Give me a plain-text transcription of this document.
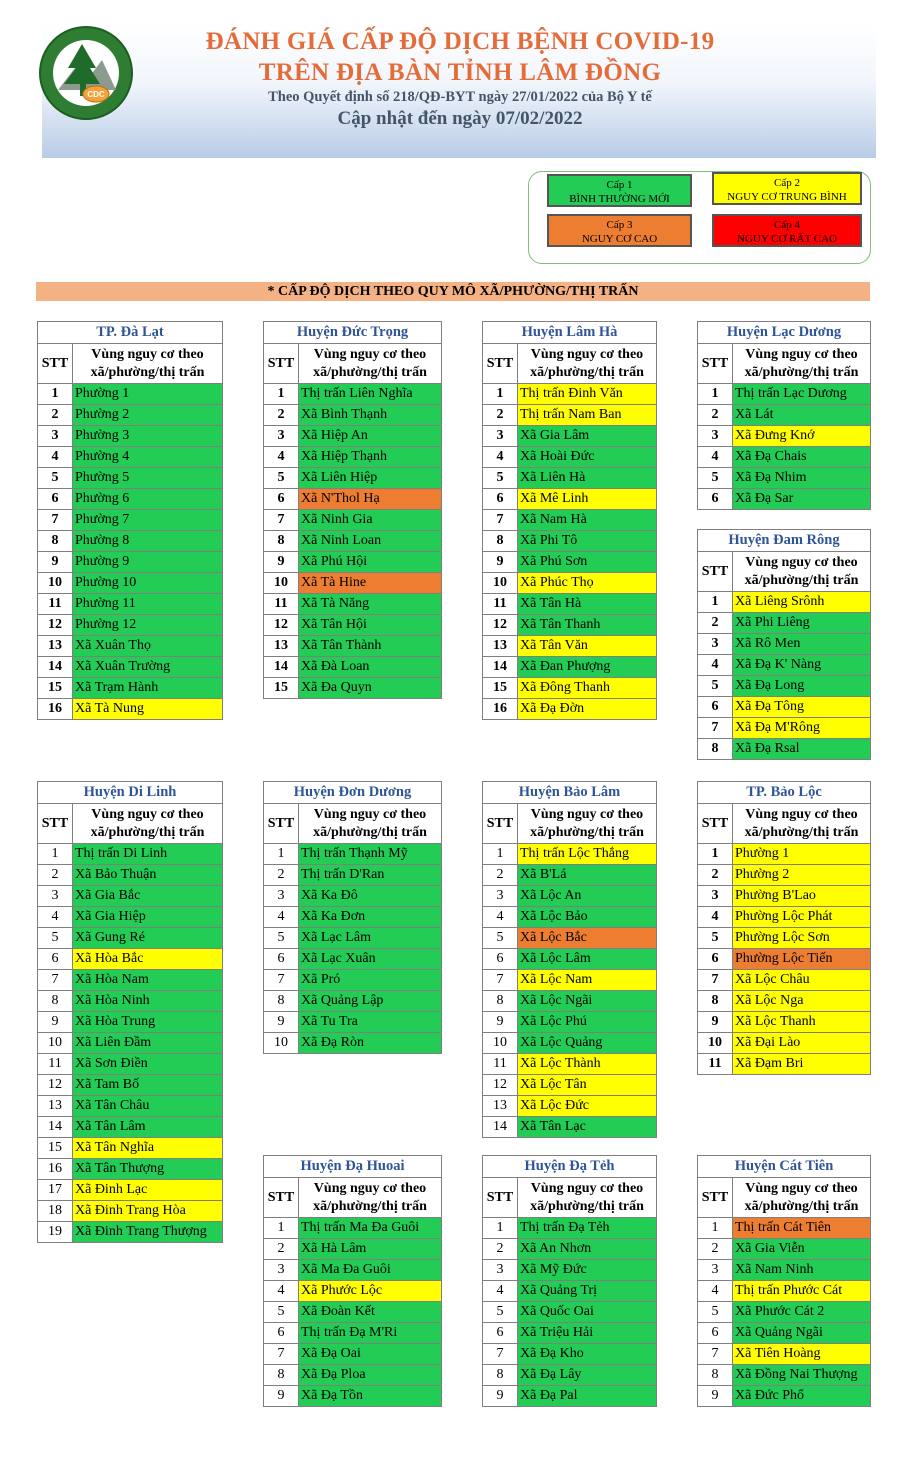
CDC
ĐÁNH GIÁ CẤP ĐỘ DỊCH BỆNH COVID-19
TRÊN ĐỊA BÀN TỈNH LÂM ĐỒNG
Theo Quyết định số 218/QĐ-BYT ngày 27/01/2022 của Bộ Y tế
Cập nhật đến ngày 07/02/2022
Cấp 1
BÌNH THƯỜNG MỚI
Cấp 2
NGUY CƠ TRUNG BÌNH
Cấp 3
NGUY CƠ CAO
Cấp 4
NGUY CƠ RẤT CAO
* CẤP ĐỘ DỊCH THEO QUY MÔ XÃ/PHƯỜNG/THỊ TRẤN
TP. Đà Lạt	
STT	Vùng nguy cơ theo
xã/phường/thị trấn

1	Phường 1
2	Phường 2
3	Phường 3
4	Phường 4
5	Phường 5
6	Phường 6
7	Phường 7
8	Phường 8
9	Phường 9
10	Phường 10
11	Phường 11
12	Phường 12
13	Xã Xuân Thọ
14	Xã Xuân Trường
15	Xã Trạm Hành
16	Xã Tà Nung
Huyện Đức Trọng	
STT	Vùng nguy cơ theo
xã/phường/thị trấn

1	Thị trấn Liên Nghĩa
2	Xã Bình Thạnh
3	Xã Hiệp An
4	Xã Hiệp Thạnh
5	Xã Liên Hiệp
6	Xã N'Thol Hạ
7	Xã Ninh Gia
8	Xã Ninh Loan
9	Xã Phú Hội
10	Xã Tà Hine
11	Xã Tà Năng
12	Xã Tân Hội
13	Xã Tân Thành
14	Xã Đà Loan
15	Xã Đa Quyn
Huyện Lâm Hà	
STT	Vùng nguy cơ theo
xã/phường/thị trấn

1	Thị trấn Đinh Văn
2	Thị trấn Nam Ban
3	Xã Gia Lâm
4	Xã Hoài Đức
5	Xã Liên Hà
6	Xã Mê Linh
7	Xã Nam Hà
8	Xã Phi Tô
9	Xã Phú Sơn
10	Xã Phúc Thọ
11	Xã Tân Hà
12	Xã Tân Thanh
13	Xã Tân Văn
14	Xã Đan Phượng
15	Xã Đông Thanh
16	Xã Đạ Đờn
Huyện Lạc Dương	
STT	Vùng nguy cơ theo
xã/phường/thị trấn

1	Thị trấn Lạc Dương
2	Xã Lát
3	Xã Đưng Knớ
4	Xã Đạ Chais
5	Xã Đạ Nhim
6	Xã Đạ Sar
Huyện Đam Rông	
STT	Vùng nguy cơ theo
xã/phường/thị trấn

1	Xã Liêng Srônh
2	Xã Phi Liêng
3	Xã Rô Men
4	Xã Đạ K' Nàng
5	Xã Đạ Long
6	Xã Đạ Tông
7	Xã Đạ M'Rông
8	Xã Đạ Rsal
Huyện Di Linh	
STT	Vùng nguy cơ theo
xã/phường/thị trấn

1	Thị trấn Di Linh
2	Xã Bảo Thuận
3	Xã Gia Bắc
4	Xã Gia Hiệp
5	Xã Gung Ré
6	Xã Hòa Bắc
7	Xã Hòa Nam
8	Xã Hòa Ninh
9	Xã Hòa Trung
10	Xã Liên Đầm
11	Xã Sơn Điền
12	Xã Tam Bố
13	Xã Tân Châu
14	Xã Tân Lâm
15	Xã Tân Nghĩa
16	Xã Tân Thượng
17	Xã Đinh Lạc
18	Xã Đinh Trang Hòa
19	Xã Đinh Trang Thượng
Huyện Đơn Dương	
STT	Vùng nguy cơ theo
xã/phường/thị trấn

1	Thị trấn Thạnh Mỹ
2	Thị trấn D'Ran
3	Xã Ka Đô
4	Xã Ka Đơn
5	Xã Lạc Lâm
6	Xã Lạc Xuân
7	Xã Pró
8	Xã Quảng Lập
9	Xã Tu Tra
10	Xã Đạ Ròn
Huyện Bảo Lâm	
STT	Vùng nguy cơ theo
xã/phường/thị trấn

1	Thị trấn Lộc Thắng
2	Xã B'Lá
3	Xã Lộc An
4	Xã Lộc Bảo
5	Xã Lộc Bắc
6	Xã Lộc Lâm
7	Xã Lộc Nam
8	Xã Lộc Ngãi
9	Xã Lộc Phú
10	Xã Lộc Quảng
11	Xã Lộc Thành
12	Xã Lộc Tân
13	Xã Lộc Đức
14	Xã Tân Lạc
TP. Bảo Lộc	
STT	Vùng nguy cơ theo
xã/phường/thị trấn

1	Phường 1
2	Phường 2
3	Phường B'Lao
4	Phường Lộc Phát
5	Phường Lộc Sơn
6	Phường Lộc Tiến
7	Xã Lộc Châu
8	Xã Lộc Nga
9	Xã Lộc Thanh
10	Xã Đại Lào
11	Xã Đạm Bri
Huyện Đạ Huoai	
STT	Vùng nguy cơ theo
xã/phường/thị trấn

1	Thị trấn Ma Đa Guôi
2	Xã Hà Lâm
3	Xã Ma Đa Guôi
4	Xã Phước Lộc
5	Xã Đoàn Kết
6	Thị trấn Đạ M'Ri
7	Xã Đạ Oai
8	Xã Đạ Ploa
9	Xã Đạ Tồn
Huyện Đạ Tẻh	
STT	Vùng nguy cơ theo
xã/phường/thị trấn

1	Thị trấn Đạ Tẻh
2	Xã An Nhơn
3	Xã Mỹ Đức
4	Xã Quảng Trị
5	Xã Quốc Oai
6	Xã Triệu Hải
7	Xã Đạ Kho
8	Xã Đạ Lây
9	Xã Đạ Pal
Huyện Cát Tiên	
STT	Vùng nguy cơ theo
xã/phường/thị trấn

1	Thị trấn Cát Tiên
2	Xã Gia Viễn
3	Xã Nam Ninh
4	Thị trấn Phước Cát
5	Xã Phước Cát 2
6	Xã Quảng Ngãi
7	Xã Tiên Hoàng
8	Xã Đồng Nai Thượng
9	Xã Đức Phổ
